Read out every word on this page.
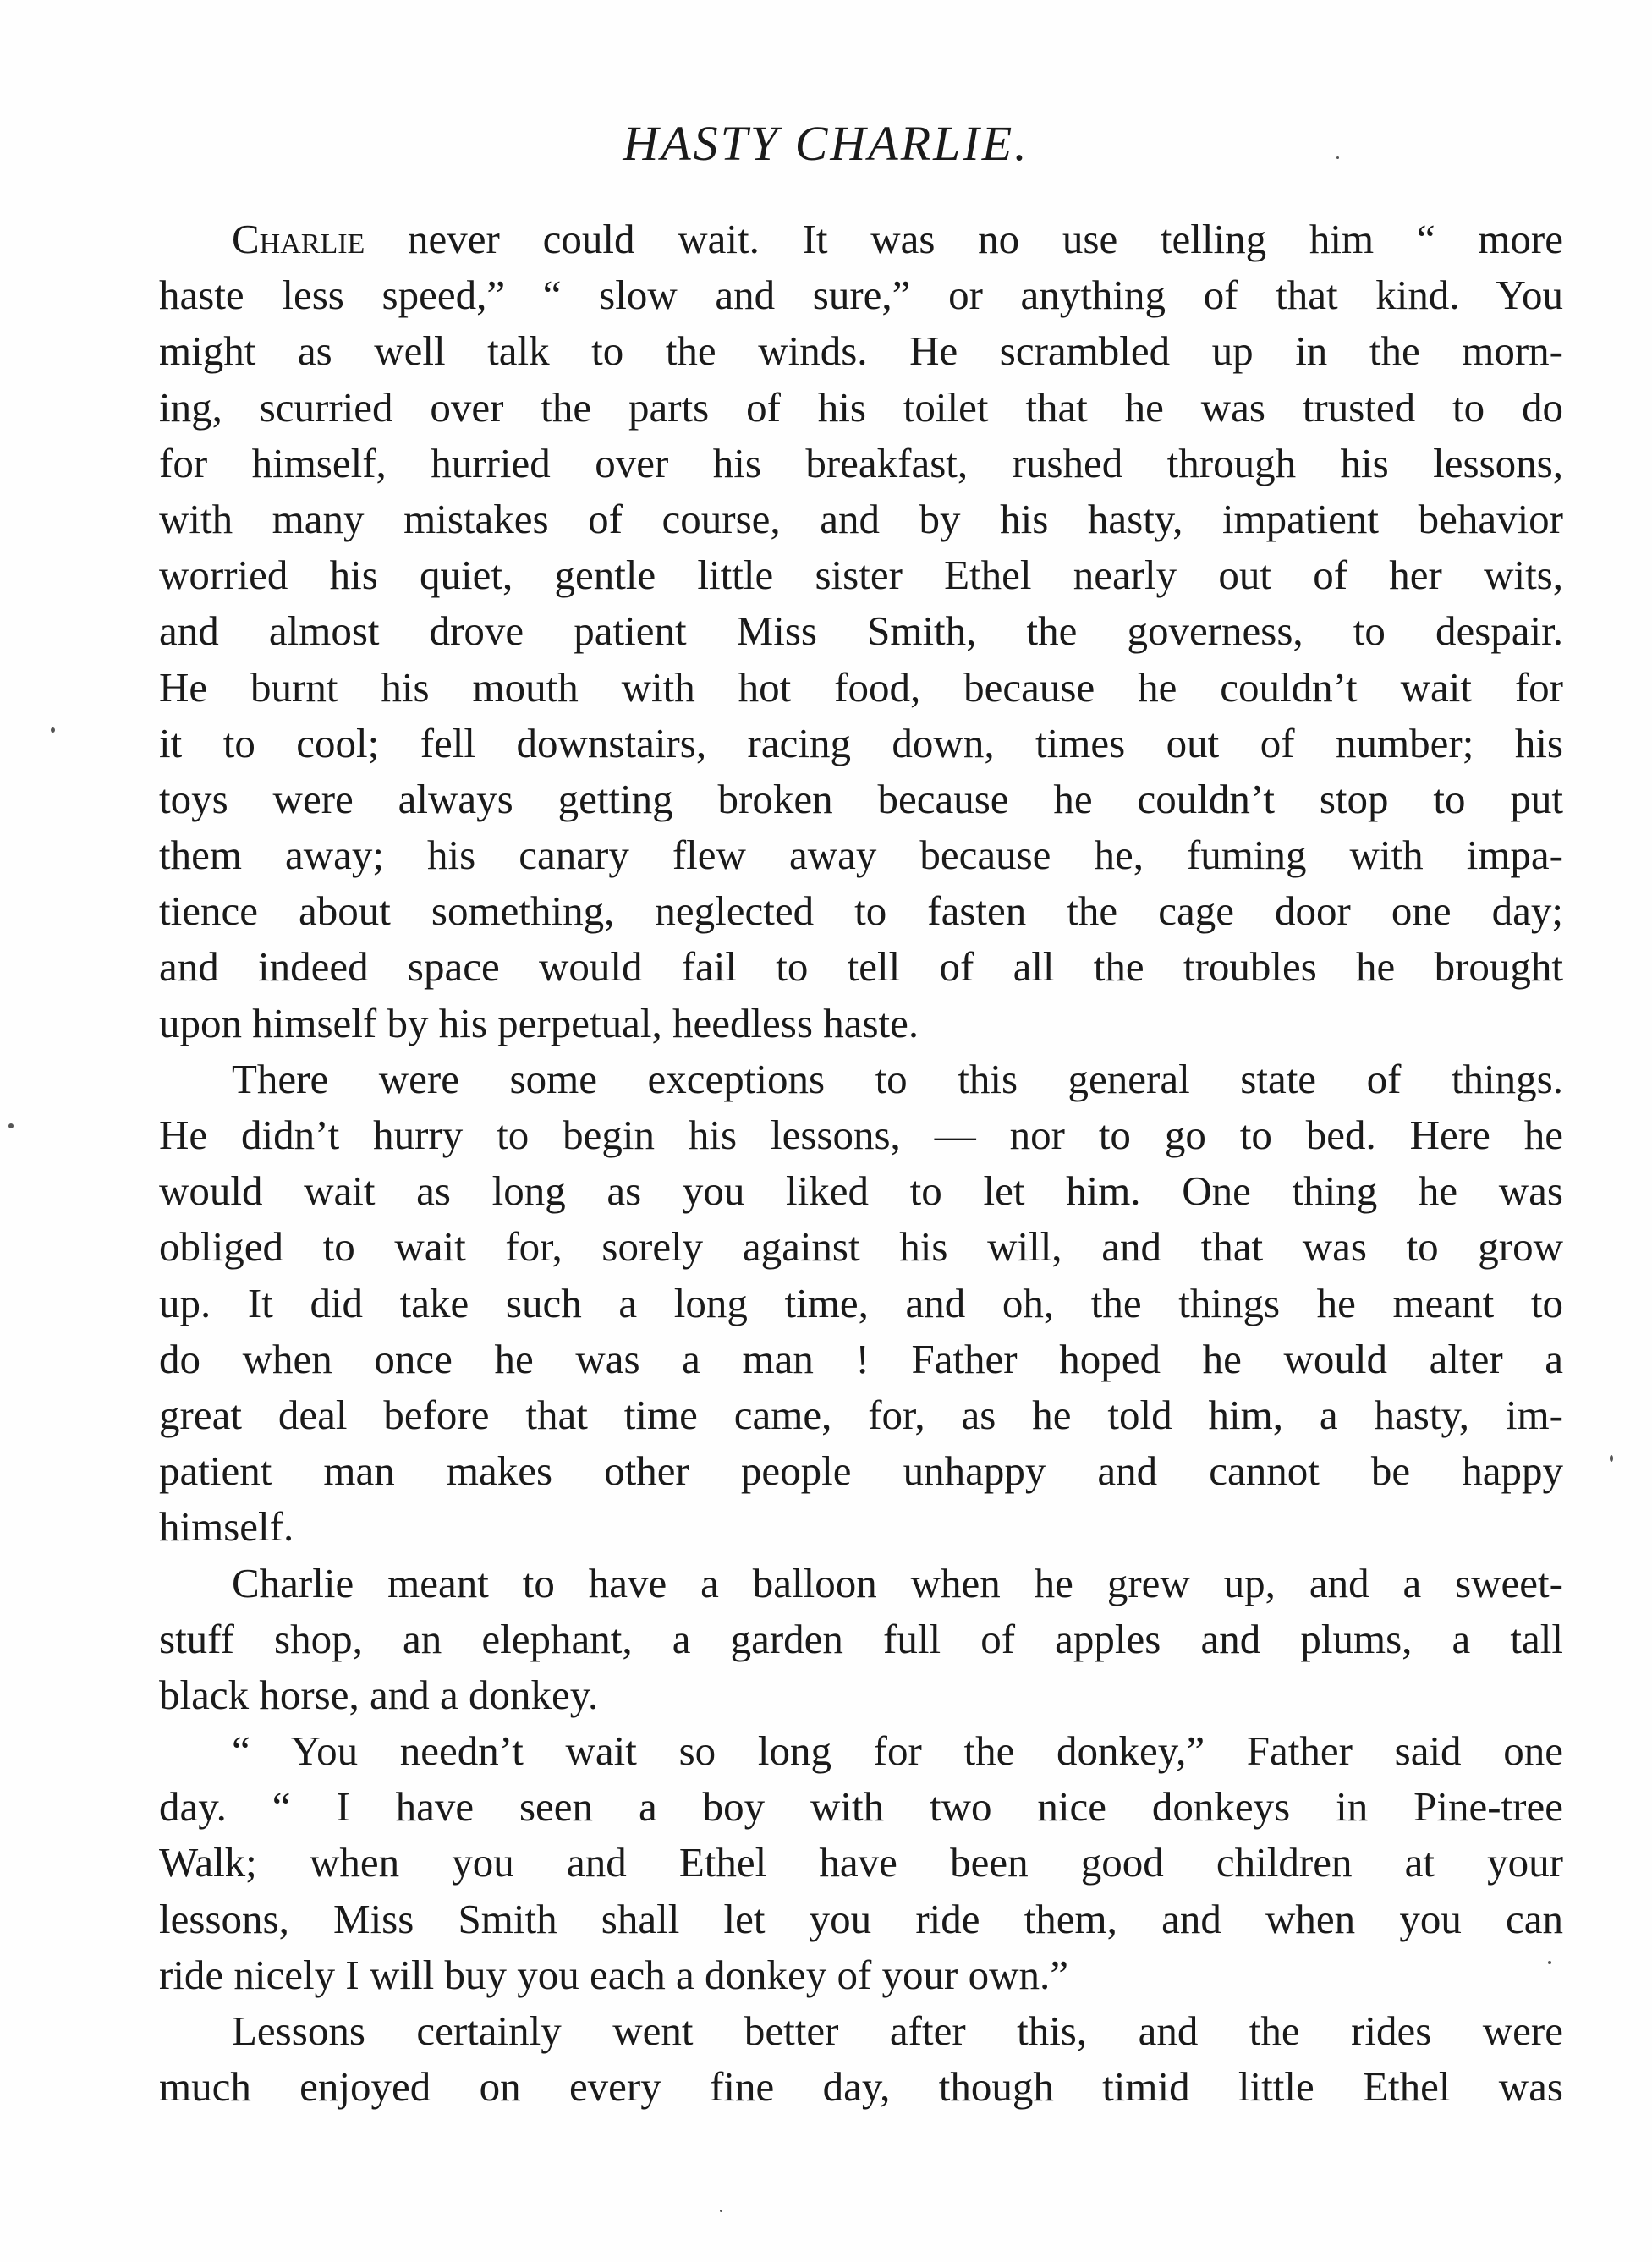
HASTY CHARLIE.
Charlie never could wait. It was no use telling him “ more
haste less speed,” “ slow and sure,” or anything of that kind. You
might as well talk to the winds. He scrambled up in the morn-
ing, scurried over the parts of his toilet that he was trusted to do
for himself, hurried over his breakfast, rushed through his lessons,
with many mistakes of course, and by his hasty, impatient behavior
worried his quiet, gentle little sister Ethel nearly out of her wits,
and almost drove patient Miss Smith, the governess, to despair.
He burnt his mouth with hot food, because he couldn’t wait for
it to cool; fell downstairs, racing down, times out of number; his
toys were always getting broken because he couldn’t stop to put
them away; his canary flew away because he, fuming with impa-
tience about something, neglected to fasten the cage door one day;
and indeed space would fail to tell of all the troubles he brought
upon himself by his perpetual, heedless haste.
There were some exceptions to this general state of things.
He didn’t hurry to begin his lessons, — nor to go to bed. Here he
would wait as long as you liked to let him. One thing he was
obliged to wait for, sorely against his will, and that was to grow
up. It did take such a long time, and oh, the things he meant to
do when once he was a man ! Father hoped he would alter a
great deal before that time came, for, as he told him, a hasty, im-
patient man makes other people unhappy and cannot be happy
himself.
Charlie meant to have a balloon when he grew up, and a sweet-
stuff shop, an elephant, a garden full of apples and plums, a tall
black horse, and a donkey.
“ You needn’t wait so long for the donkey,” Father said one
day. “ I have seen a boy with two nice donkeys in Pine-tree
Walk; when you and Ethel have been good children at your
lessons, Miss Smith shall let you ride them, and when you can
ride nicely I will buy you each a donkey of your own.”
Lessons certainly went better after this, and the rides were
much enjoyed on every fine day, though timid little Ethel was
